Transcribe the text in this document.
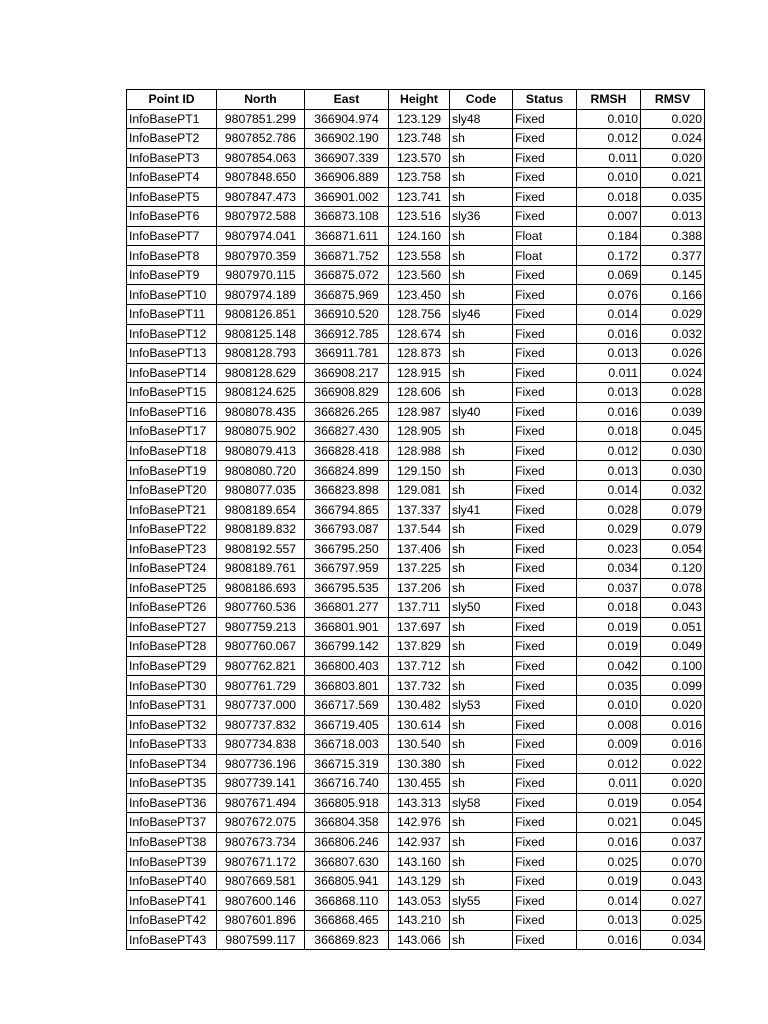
Point ID	North	East	Height	Code	Status	RMSH	RMSV
InfoBasePT1	9807851.299	366904.974	123.129	sly48	Fixed	0.010	0.020
InfoBasePT2	9807852.786	366902.190	123.748	sh	Fixed	0.012	0.024
InfoBasePT3	9807854.063	366907.339	123.570	sh	Fixed	0.011	0.020
InfoBasePT4	9807848.650	366906.889	123.758	sh	Fixed	0.010	0.021
InfoBasePT5	9807847.473	366901.002	123.741	sh	Fixed	0.018	0.035
InfoBasePT6	9807972.588	366873.108	123.516	sly36	Fixed	0.007	0.013
InfoBasePT7	9807974.041	366871.611	124.160	sh	Float	0.184	0.388
InfoBasePT8	9807970.359	366871.752	123.558	sh	Float	0.172	0.377
InfoBasePT9	9807970.115	366875.072	123.560	sh	Fixed	0.069	0.145
InfoBasePT10	9807974.189	366875.969	123.450	sh	Fixed	0.076	0.166
InfoBasePT11	9808126.851	366910.520	128.756	sly46	Fixed	0.014	0.029
InfoBasePT12	9808125.148	366912.785	128.674	sh	Fixed	0.016	0.032
InfoBasePT13	9808128.793	366911.781	128.873	sh	Fixed	0.013	0.026
InfoBasePT14	9808128.629	366908.217	128.915	sh	Fixed	0.011	0.024
InfoBasePT15	9808124.625	366908.829	128.606	sh	Fixed	0.013	0.028
InfoBasePT16	9808078.435	366826.265	128.987	sly40	Fixed	0.016	0.039
InfoBasePT17	9808075.902	366827.430	128.905	sh	Fixed	0.018	0.045
InfoBasePT18	9808079.413	366828.418	128.988	sh	Fixed	0.012	0.030
InfoBasePT19	9808080.720	366824.899	129.150	sh	Fixed	0.013	0.030
InfoBasePT20	9808077.035	366823.898	129.081	sh	Fixed	0.014	0.032
InfoBasePT21	9808189.654	366794.865	137.337	sly41	Fixed	0.028	0.079
InfoBasePT22	9808189.832	366793.087	137.544	sh	Fixed	0.029	0.079
InfoBasePT23	9808192.557	366795.250	137.406	sh	Fixed	0.023	0.054
InfoBasePT24	9808189.761	366797.959	137.225	sh	Fixed	0.034	0.120
InfoBasePT25	9808186.693	366795.535	137.206	sh	Fixed	0.037	0.078
InfoBasePT26	9807760.536	366801.277	137.711	sly50	Fixed	0.018	0.043
InfoBasePT27	9807759.213	366801.901	137.697	sh	Fixed	0.019	0.051
InfoBasePT28	9807760.067	366799.142	137.829	sh	Fixed	0.019	0.049
InfoBasePT29	9807762.821	366800.403	137.712	sh	Fixed	0.042	0.100
InfoBasePT30	9807761.729	366803.801	137.732	sh	Fixed	0.035	0.099
InfoBasePT31	9807737.000	366717.569	130.482	sly53	Fixed	0.010	0.020
InfoBasePT32	9807737.832	366719.405	130.614	sh	Fixed	0.008	0.016
InfoBasePT33	9807734.838	366718.003	130.540	sh	Fixed	0.009	0.016
InfoBasePT34	9807736.196	366715.319	130.380	sh	Fixed	0.012	0.022
InfoBasePT35	9807739.141	366716.740	130.455	sh	Fixed	0.011	0.020
InfoBasePT36	9807671.494	366805.918	143.313	sly58	Fixed	0.019	0.054
InfoBasePT37	9807672.075	366804.358	142.976	sh	Fixed	0.021	0.045
InfoBasePT38	9807673.734	366806.246	142.937	sh	Fixed	0.016	0.037
InfoBasePT39	9807671.172	366807.630	143.160	sh	Fixed	0.025	0.070
InfoBasePT40	9807669.581	366805.941	143.129	sh	Fixed	0.019	0.043
InfoBasePT41	9807600.146	366868.110	143.053	sly55	Fixed	0.014	0.027
InfoBasePT42	9807601.896	366868.465	143.210	sh	Fixed	0.013	0.025
InfoBasePT43	9807599.117	366869.823	143.066	sh	Fixed	0.016	0.034
